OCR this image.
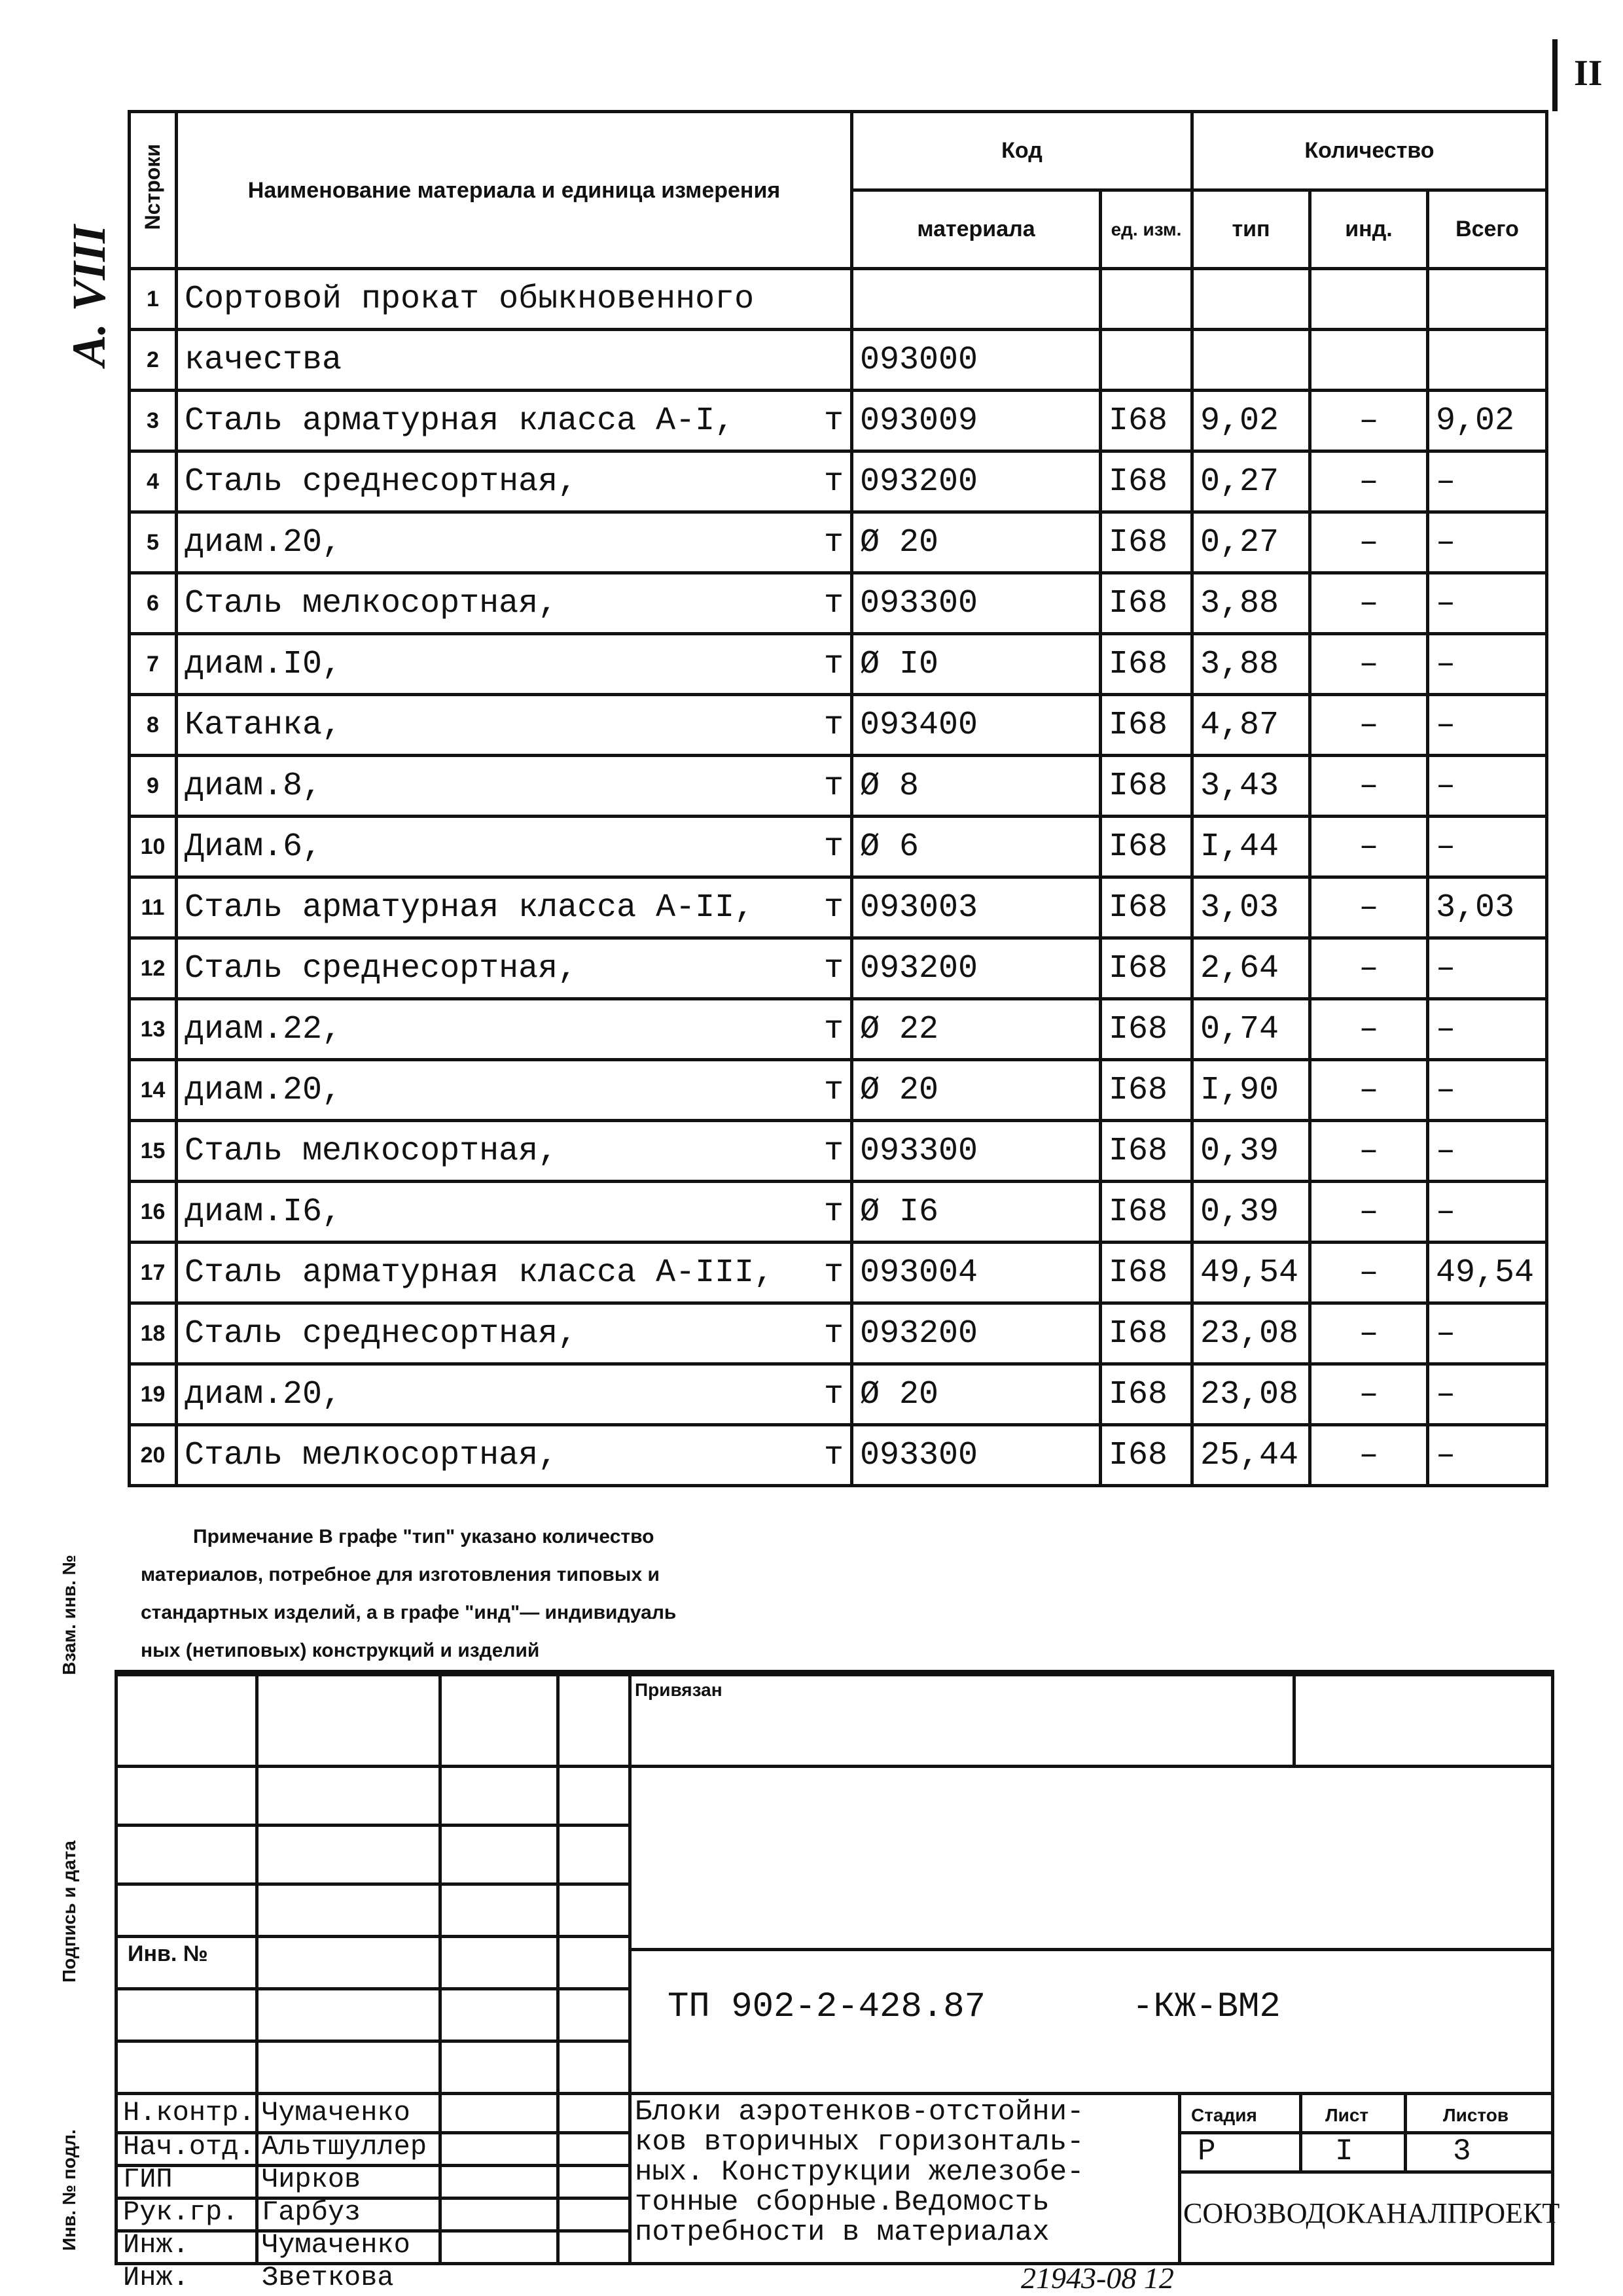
II
А. VIII
Nстроки	Наименование материала и единица измерения	Код		Количество		
		материала	ед. изм.	тип	инд.	Всего
1	Сортовой прокат обыкновенного					

2	качества	093000				
3	Сталь арматурная класса А-I, т	093009	I68	9,02	–	9,02
4	Сталь среднесортная, т	093200	I68	0,27	–	–
5	диам.20, т	Ø 20	I68	0,27	–	–
6	Сталь мелкосортная, т	093300	I68	3,88	–	–
7	диам.I0, т	Ø I0	I68	3,88	–	–
8	Катанка, т	093400	I68	4,87	–	–
9	диам.8, т	Ø 8	I68	3,43	–	–
10	Диам.6, т	Ø 6	I68	I,44	–	–
11	Сталь арматурная класса А-II, т	093003	I68	3,03	–	3,03
12	Сталь среднесортная, т	093200	I68	2,64	–	–
13	диам.22, т	Ø 22	I68	0,74	–	–
14	диам.20, т	Ø 20	I68	I,90	–	–
15	Сталь мелкосортная, т	093300	I68	0,39	–	–
16	диам.I6, т	Ø I6	I68	0,39	–	–
17	Сталь арматурная класса А-III, т	093004	I68	49,54	–	49,54
18	Сталь среднесортная, т	093200	I68	23,08	–	–
19	диам.20, т	Ø 20	I68	23,08	–	–
20	Сталь мелкосортная, т	093300	I68	25,44	–	–
Примечание В графе "тип" указано количество
материалов, потребное для изготовления типовых и
стандартных изделий, а в графе "инд"— индивидуаль
ных (нетиповых) конструкций и изделий
Привязан
Инв. №
ТП 902-2-428.87	-КЖ-ВМ2
Н.контр. Чумаченко
Нач.отд. Альтшуллер
ГИП	Чирков
Рук.гр. Гарбуз
Инж.	Чумаченко
Инж.	Зветкова
Блоки аэротенков-отстойни-
ков вторичных горизонталь-
ных. Конструкции железобе-
тонные сборные.Ведомость
потребности в материалах
Стадия	Лист	Листов
Р	I	3
СОЮЗВОДОКАНАЛПРОЕКТ
Взам. инв. №
Подпись и дата
Инв. № подл.
21943-08 12
